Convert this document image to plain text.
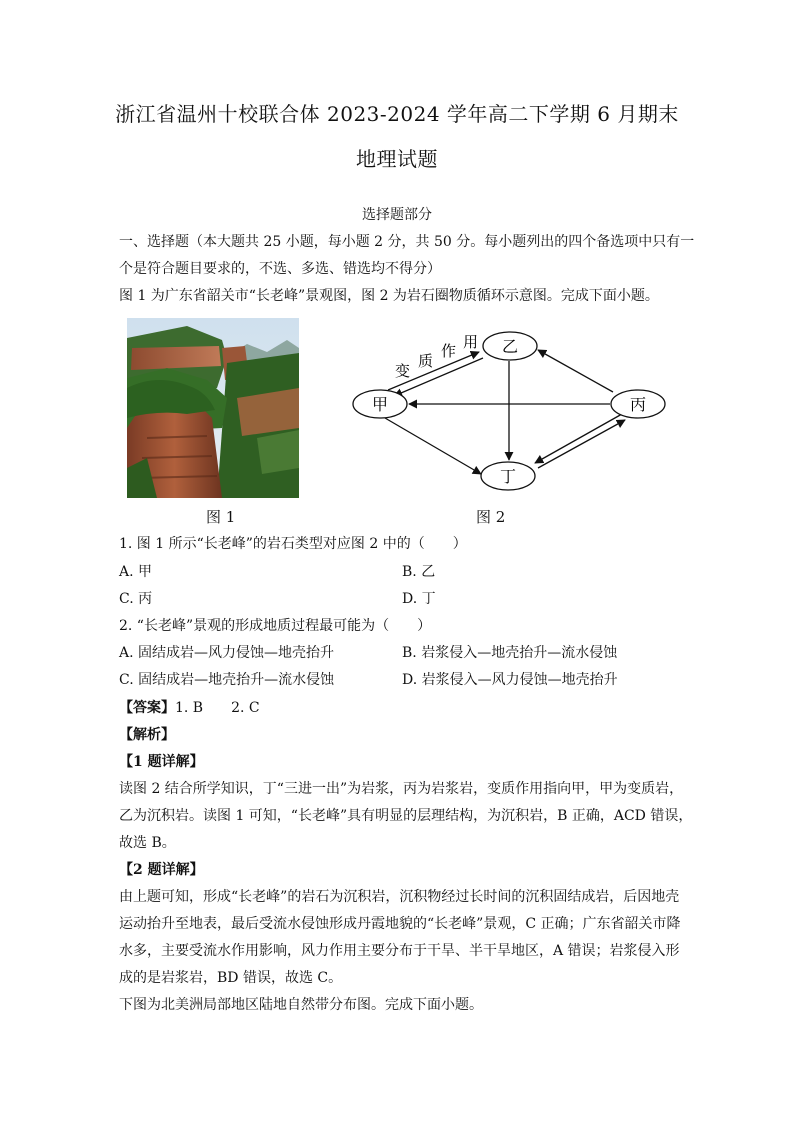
浙江省温州十校联合体 2023-2024 学年高二下学期 6 月期末
地理试题
选择题部分
一、选择题（本大题共 25 小题，每小题 2 分，共 50 分。每小题列出的四个备选项中只有一
个是符合题目要求的，不选、多选、错选均不得分）
图 1 为广东省韶关市“长老峰”景观图，图 2 为岩石圈物质循环示意图。完成下面小题。
乙
甲	丙
丁
变
质
作 用
图 1	图 2
1. 图 1 所示“长老峰”的岩石类型对应图 2 中的（　　）
A. 甲	B. 乙
C. 丙	D. 丁
2. “长老峰”景观的形成地质过程最可能为（　　）
A. 固结成岩—风力侵蚀—地壳抬升	B. 岩浆侵入—地壳抬升—流水侵蚀
C. 固结成岩—地壳抬升—流水侵蚀	D. 岩浆侵入—风力侵蚀—地壳抬升
【答案】1. B　　2. C
【解析】
【1 题详解】
读图 2 结合所学知识，丁“三进一出”为岩浆，丙为岩浆岩，变质作用指向甲，甲为变质岩，
乙为沉积岩。读图 1 可知，“长老峰”具有明显的层理结构，为沉积岩，B 正确，ACD 错误，
故选 B。
【2 题详解】
由上题可知，形成“长老峰”的岩石为沉积岩，沉积物经过长时间的沉积固结成岩，后因地壳
运动抬升至地表，最后受流水侵蚀形成丹霞地貌的“长老峰”景观，C 正确；广东省韶关市降
水多，主要受流水作用影响，风力作用主要分布于干旱、半干旱地区，A 错误；岩浆侵入形
成的是岩浆岩，BD 错误，故选 C。
下图为北美洲局部地区陆地自然带分布图。完成下面小题。
